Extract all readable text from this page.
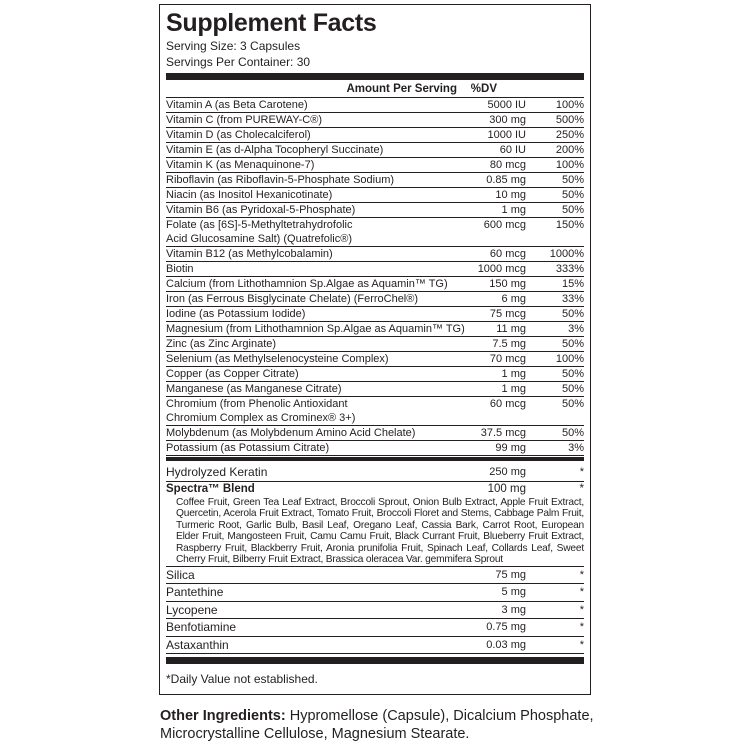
Supplement Facts
Serving Size: 3 Capsules
Servings Per Container: 30
Amount Per Serving	%DV
Vitamin A (as Beta Carotene)	5000 IU	100%
Vitamin C (from PUREWAY-C®)	300 mg	500%
Vitamin D (as Cholecalciferol)	1000 IU	250%
Vitamin E (as d-Alpha Tocopheryl Succinate)	60 IU	200%
Vitamin K (as Menaquinone-7)	80 mcg	100%
Riboflavin (as Riboflavin-5-Phosphate Sodium)	0.85 mg	50%
Niacin (as Inositol Hexanicotinate)	10 mg	50%
Vitamin B6 (as Pyridoxal-5-Phosphate)	1 mg	50%
Folate (as [6S]-5-Methyltetrahydrofolic
Acid Glucosamine Salt) (Quatrefolic®)
600 mcg	150%
Vitamin B12 (as Methylcobalamin)	60 mcg	1000%
Biotin	1000 mcg	333%
Calcium (from Lithothamnion Sp.Algae as Aquamin™ TG)	150 mg	15%
Iron (as Ferrous Bisglycinate Chelate) (FerroChel®)	6 mg	33%
Iodine (as Potassium Iodide)	75 mcg	50%
Magnesium (from Lithothamnion Sp.Algae as Aquamin™ TG)	11 mg	3%
Zinc (as Zinc Arginate)	7.5 mg	50%
Selenium (as Methylselenocysteine Complex)	70 mcg	100%
Copper (as Copper Citrate)	1 mg	50%
Manganese (as Manganese Citrate)	1 mg	50%
Chromium (from Phenolic Antioxidant
Chromium Complex as Crominex® 3+)
60 mcg	50%
Molybdenum (as Molybdenum Amino Acid Chelate)	37.5 mcg	50%
Potassium (as Potassium Citrate)	99 mg	3%
Hydrolyzed Keratin	250 mg	*
Spectra™ Blend	100 mg	*
Coffee Fruit, Green Tea Leaf Extract, Broccoli Sprout, Onion Bulb Extract, Apple Fruit Extract, Quercetin, Acerola Fruit Extract, Tomato Fruit, Broccoli Floret and Stems, Cabbage Palm Fruit, Turmeric Root, Garlic Bulb, Basil Leaf, Oregano Leaf, Cassia Bark, Carrot Root, European Elder Fruit, Mangosteen Fruit, Camu Camu Fruit, Black Currant Fruit, Blueberry Fruit Extract, Raspberry Fruit, Blackberry Fruit, Aronia prunifolia Fruit, Spinach Leaf, Collards Leaf, Sweet Cherry Fruit, Bilberry Fruit Extract, Brassica oleracea Var. gemmifera Sprout
Silica	75 mg	*
Pantethine	5 mg	*
Lycopene	3 mg	*
Benfotiamine	0.75 mg	*
Astaxanthin	0.03 mg	*
*Daily Value not established.
Other Ingredients: Hypromellose (Capsule), Dicalcium Phosphate, Microcrystalline Cellulose, Magnesium Stearate.
